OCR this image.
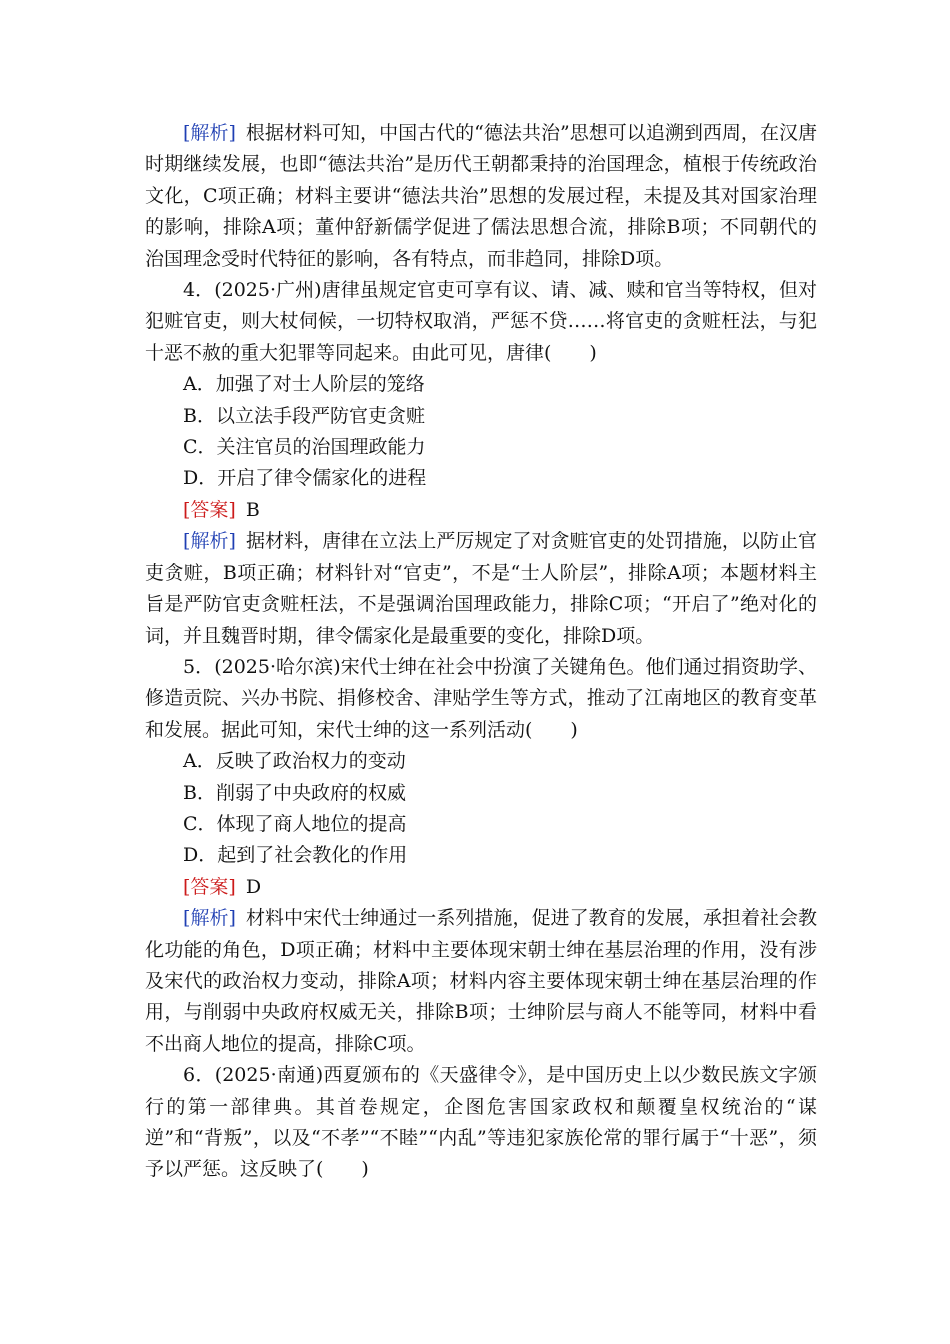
[解析] 根据材料可知，中国古代的“德法共治”思想可以追溯到西周，在汉唐时期继续发展，也即“德法共治”是历代王朝都秉持的治国理念，植根于传统政治文化，C项正确；材料主要讲“德法共治”思想的发展过程，未提及其对国家治理的影响，排除A项；董仲舒新儒学促进了儒法思想合流，排除B项；不同朝代的治国理念受时代特征的影响，各有特点，而非趋同，排除D项。

4．(2025·广州)唐律虽规定官吏可享有议、请、减、赎和官当等特权，但对犯赃官吏，则大杖伺候，一切特权取消，严惩不贷……将官吏的贪赃枉法，与犯十恶不赦的重大犯罪等同起来。由此可见，唐律(　　)

A．加强了对士人阶层的笼络

B．以立法手段严防官吏贪赃

C．关注官员的治国理政能力

D．开启了律令儒家化的进程

[答案] B

[解析] 据材料，唐律在立法上严厉规定了对贪赃官吏的处罚措施，以防止官吏贪赃，B项正确；材料针对“官吏”，不是“士人阶层”，排除A项；本题材料主旨是严防官吏贪赃枉法，不是强调治国理政能力，排除C项；“开启了”绝对化的词，并且魏晋时期，律令儒家化是最重要的变化，排除D项。

5．(2025·哈尔滨)宋代士绅在社会中扮演了关键角色。他们通过捐资助学、修造贡院、兴办书院、捐修校舍、津贴学生等方式，推动了江南地区的教育变革和发展。据此可知，宋代士绅的这一系列活动(　　)

A．反映了政治权力的变动

B．削弱了中央政府的权威

C．体现了商人地位的提高

D．起到了社会教化的作用

[答案] D

[解析] 材料中宋代士绅通过一系列措施，促进了教育的发展，承担着社会教化功能的角色，D项正确；材料中主要体现宋朝士绅在基层治理的作用，没有涉及宋代的政治权力变动，排除A项；材料内容主要体现宋朝士绅在基层治理的作用，与削弱中央政府权威无关，排除B项；士绅阶层与商人不能等同，材料中看不出商人地位的提高，排除C项。

6．(2025·南通)西夏颁布的《天盛律令》，是中国历史上以少数民族文字颁行的第一部律典。其首卷规定，企图危害国家政权和颠覆皇权统治的“谋逆”和“背叛”，以及“不孝”“不睦”“内乱”等违犯家族伦常的罪行属于“十恶”，须予以严惩。这反映了(　　)
